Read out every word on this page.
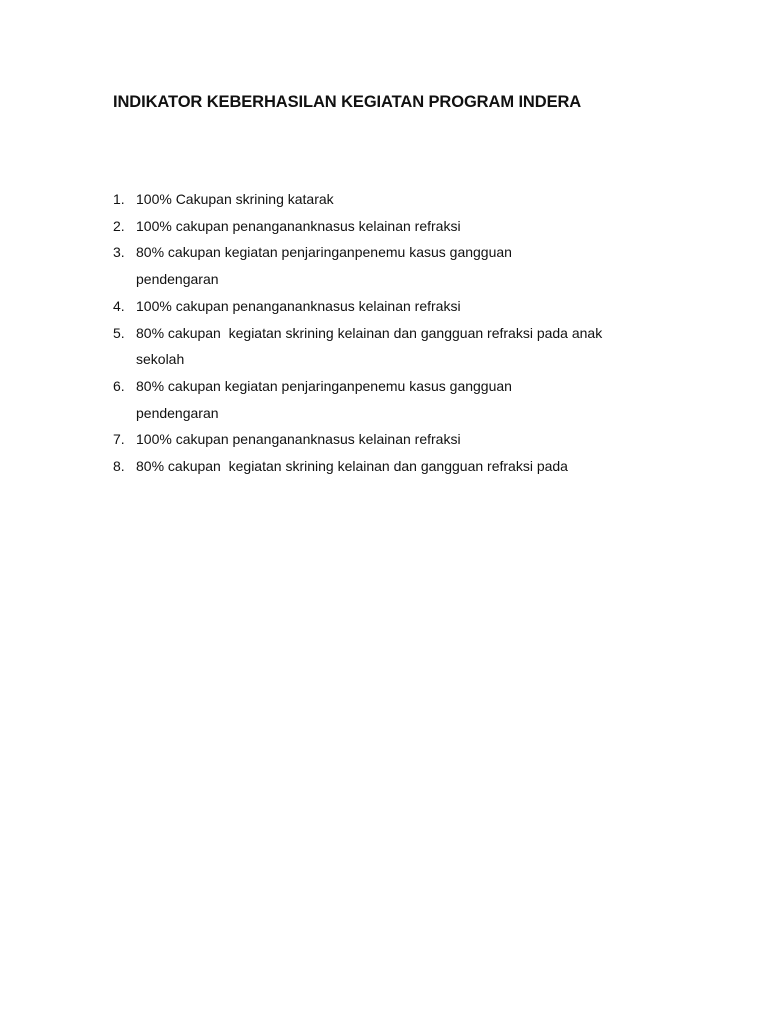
INDIKATOR KEBERHASILAN KEGIATAN PROGRAM INDERA
1. 100% Cakupan skrining katarak
2. 100% cakupan penangananknasus kelainan refraksi
3. 80% cakupan kegiatan penjaringanpenemu kasus gangguan
pendengaran
4. 100% cakupan penangananknasus kelainan refraksi
5. 80% cakupan  kegiatan skrining kelainan dan gangguan refraksi pada anak
sekolah
6. 80% cakupan kegiatan penjaringanpenemu kasus gangguan
pendengaran
7. 100% cakupan penangananknasus kelainan refraksi
8. 80% cakupan  kegiatan skrining kelainan dan gangguan refraksi pada
